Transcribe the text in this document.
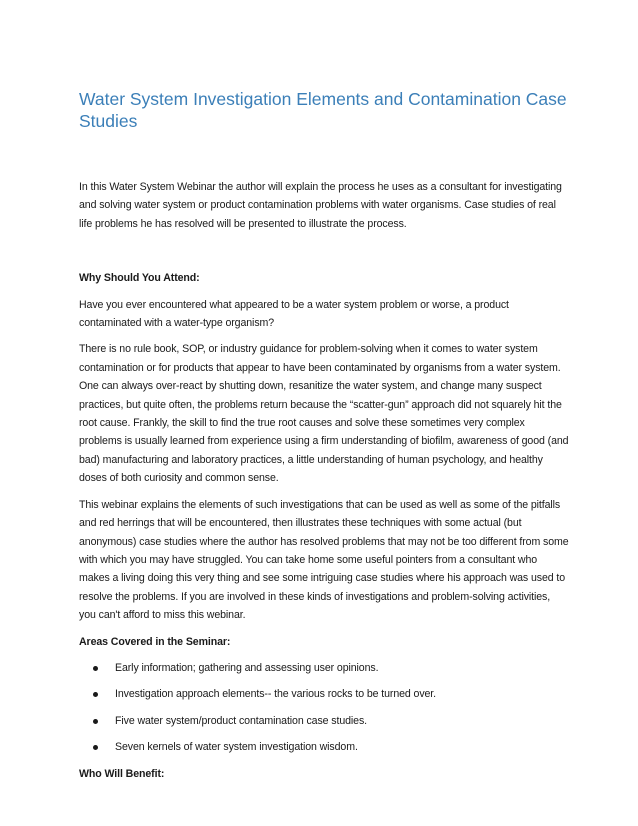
Water System Investigation Elements and Contamination Case Studies

In this Water System Webinar the author will explain the process he uses as a consultant for investigating and solving water system or product contamination problems with water organisms. Case studies of real life problems he has resolved will be presented to illustrate the process.

Why Should You Attend:

Have you ever encountered what appeared to be a water system problem or worse, a product contaminated with a water-type organism?

There is no rule book, SOP, or industry guidance for problem-solving when it comes to water system contamination or for products that appear to have been contaminated by organisms from a water system. One can always over-react by shutting down, resanitize the water system, and change many suspect practices, but quite often, the problems return because the “scatter-gun” approach did not squarely hit the root cause. Frankly, the skill to find the true root causes and solve these sometimes very complex problems is usually learned from experience using a firm understanding of biofilm, awareness of good (and bad) manufacturing and laboratory practices, a little understanding of human psychology, and healthy doses of both curiosity and common sense.

This webinar explains the elements of such investigations that can be used as well as some of the pitfalls and red herrings that will be encountered, then illustrates these techniques with some actual (but anonymous) case studies where the author has resolved problems that may not be too different from some with which you may have struggled. You can take home some useful pointers from a consultant who makes a living doing this very thing and see some intriguing case studies where his approach was used to resolve the problems. If you are involved in these kinds of investigations and problem-solving activities, you can't afford to miss this webinar.

Areas Covered in the Seminar:

Early information; gathering and assessing user opinions.
Investigation approach elements-- the various rocks to be turned over.
Five water system/product contamination case studies.
Seven kernels of water system investigation wisdom.

Who Will Benefit:
